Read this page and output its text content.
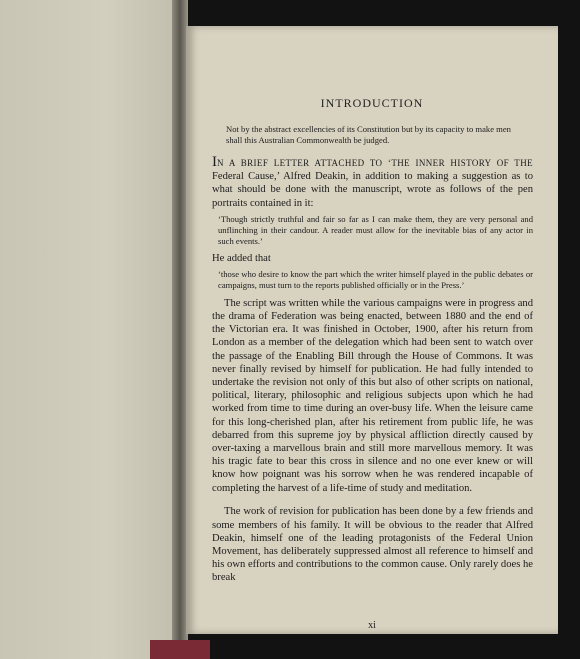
INTRODUCTION

Not by the abstract excellencies of its Constitution but by its capacity to make men shall this Australian Commonwealth be judged.

IN A BRIEF LETTER ATTACHED TO ‘THE INNER HISTORY OF THE Federal Cause,’ Alfred Deakin, in addition to making a suggestion as to what should be done with the manuscript, wrote as follows of the pen portraits contained in it:

‘Though strictly truthful and fair so far as I can make them, they are very personal and unflinching in their candour. A reader must allow for the inevitable bias of any actor in such events.’

He added that

‘those who desire to know the part which the writer himself played in the public debates or campaigns, must turn to the reports published officially or in the Press.’

The script was written while the various campaigns were in progress and the drama of Federation was being enacted, between 1880 and the end of the Victorian era. It was finished in October, 1900, after his return from London as a member of the delegation which had been sent to watch over the passage of the Enabling Bill through the House of Commons. It was never finally revised by himself for publication. He had fully intended to undertake the revision not only of this but also of other scripts on national, political, literary, philosophic and religious subjects upon which he had worked from time to time during an over-busy life. When the leisure came for this long-cherished plan, after his retirement from public life, he was debarred from this supreme joy by physical affliction directly caused by over-taxing a marvellous brain and still more marvellous memory. It was his tragic fate to bear this cross in silence and no one ever knew or will know how poignant was his sorrow when he was rendered incapable of completing the harvest of a life-time of study and meditation.

The work of revision for publication has been done by a few friends and some members of his family. It will be obvious to the reader that Alfred Deakin, himself one of the leading protagonists of the Federal Union Movement, has deliberately suppressed almost all reference to himself and his own efforts and contributions to the common cause. Only rarely does he break

xi
